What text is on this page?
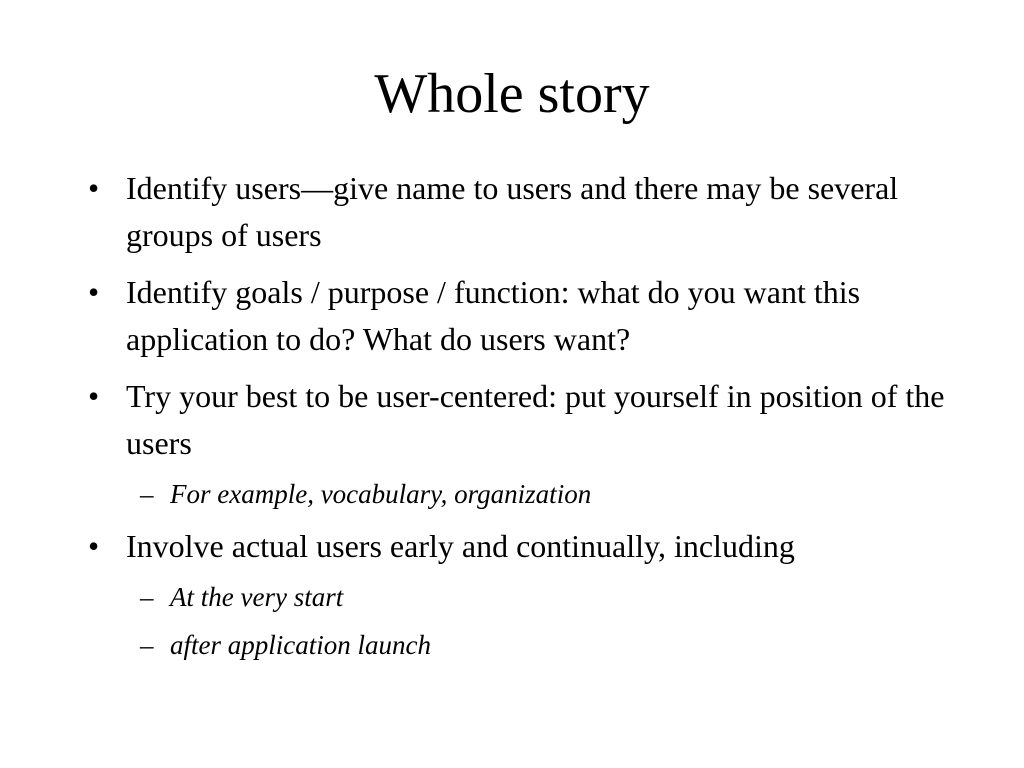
Whole story
• Identify users—give name to users and there may be several groups of users
• Identify goals / purpose / function: what do you want this application to do? What do users want?
• Try your best to be user-centered: put yourself in position of the users
– For example, vocabulary, organization
• Involve actual users early and continually, including
– At the very start
– after application launch
